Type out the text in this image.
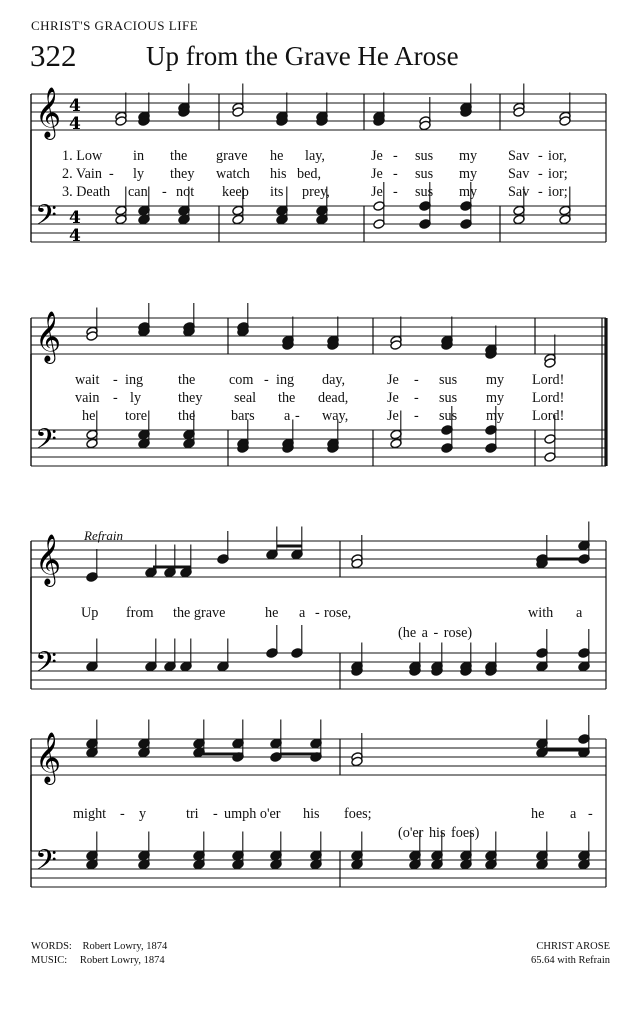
CHRIST'S GRACIOUS LIFE
322	Up from the Grave He Arose
𝄞
𝄢
4
4
4
4
𝄞
𝄢
𝄞
𝄢
𝄞
𝄢
1. Low in the grave he lay,	Je - sus my Sav - ior,
2. Vain - ly they watch his bed,	Je - sus my Sav - ior;
3. Death can - not keep its prey,	Je - sus my Sav - ior;
wait - ing the com - ing day,	Je - sus my Lord!
vain - ly	they seal the dead,	Je - sus my Lord!
he tore the	bars a - way,	Je - sus my Lord!
Refrain
Up from the grave	he a - rose,	with a
(he a - rose)
might - y	tri - umph o'er his foes;	he a -
(o'er his foes)
WORDS: Robert Lowry, 1874
MUSIC: Robert Lowry, 1874
CHRIST AROSE
65.64 with Refrain
